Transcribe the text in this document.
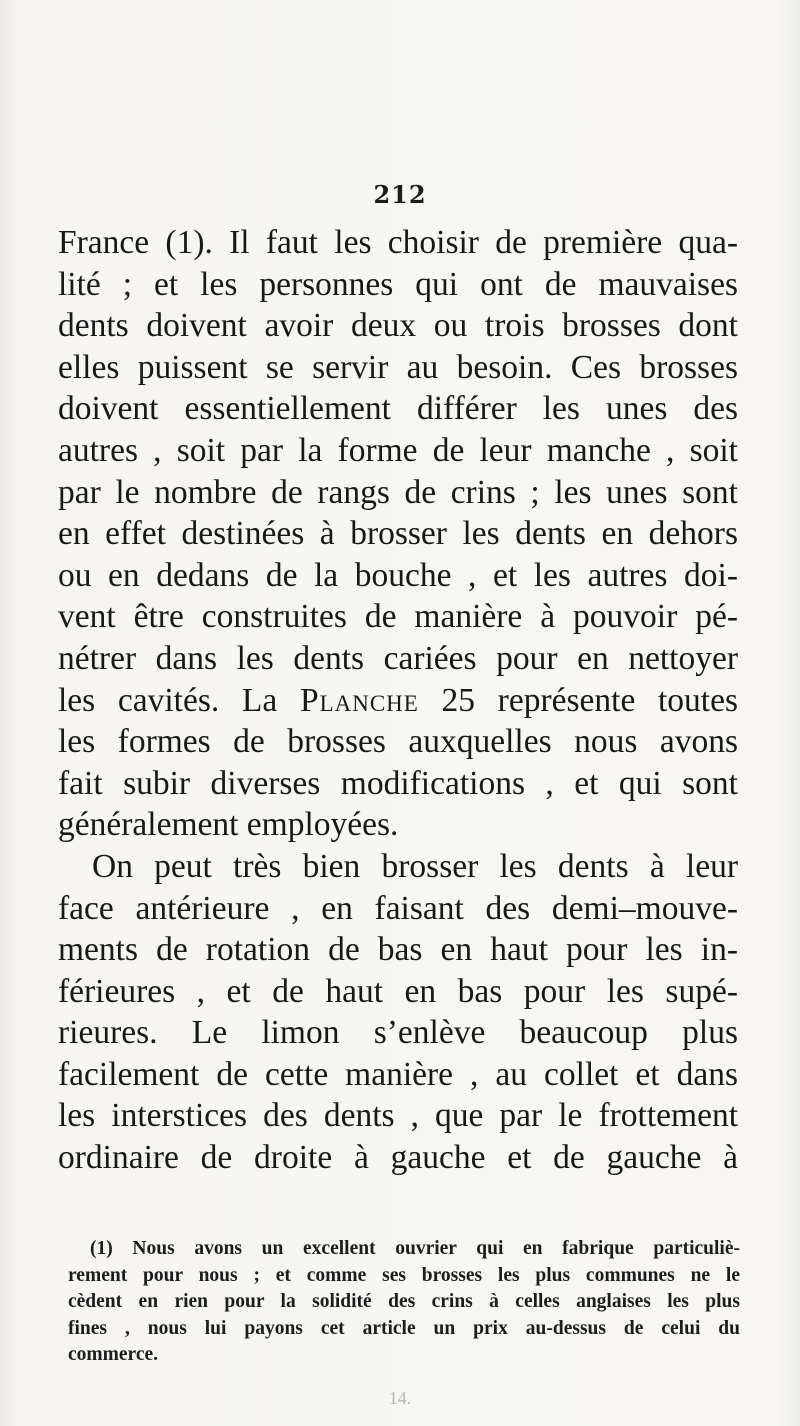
212
France (1). Il faut les choisir de première qua-
lité ; et les personnes qui ont de mauvaises
dents doivent avoir deux ou trois brosses dont
elles puissent se servir au besoin. Ces brosses
doivent essentiellement différer les unes des
autres , soit par la forme de leur manche , soit
par le nombre de rangs de crins ; les unes sont
en effet destinées à brosser les dents en dehors
ou en dedans de la bouche , et les autres doi-
vent être construites de manière à pouvoir pé-
nétrer dans les dents cariées pour en nettoyer
les cavités. La Planche 25 représente toutes
les formes de brosses auxquelles nous avons
fait subir diverses modifications , et qui sont
généralement employées.
On peut très bien brosser les dents à leur
face antérieure , en faisant des demi–mouve-
ments de rotation de bas en haut pour les in-
férieures , et de haut en bas pour les supé-
rieures. Le limon s’enlève beaucoup plus
facilement de cette manière , au collet et dans
les interstices des dents , que par le frottement
ordinaire de droite à gauche et de gauche à
(1) Nous avons un excellent ouvrier qui en fabrique particuliè-
rement pour nous ; et comme ses brosses les plus communes ne le
cèdent en rien pour la solidité des crins à celles anglaises les plus
fines , nous lui payons cet article un prix au-dessus de celui du
commerce.
14.
